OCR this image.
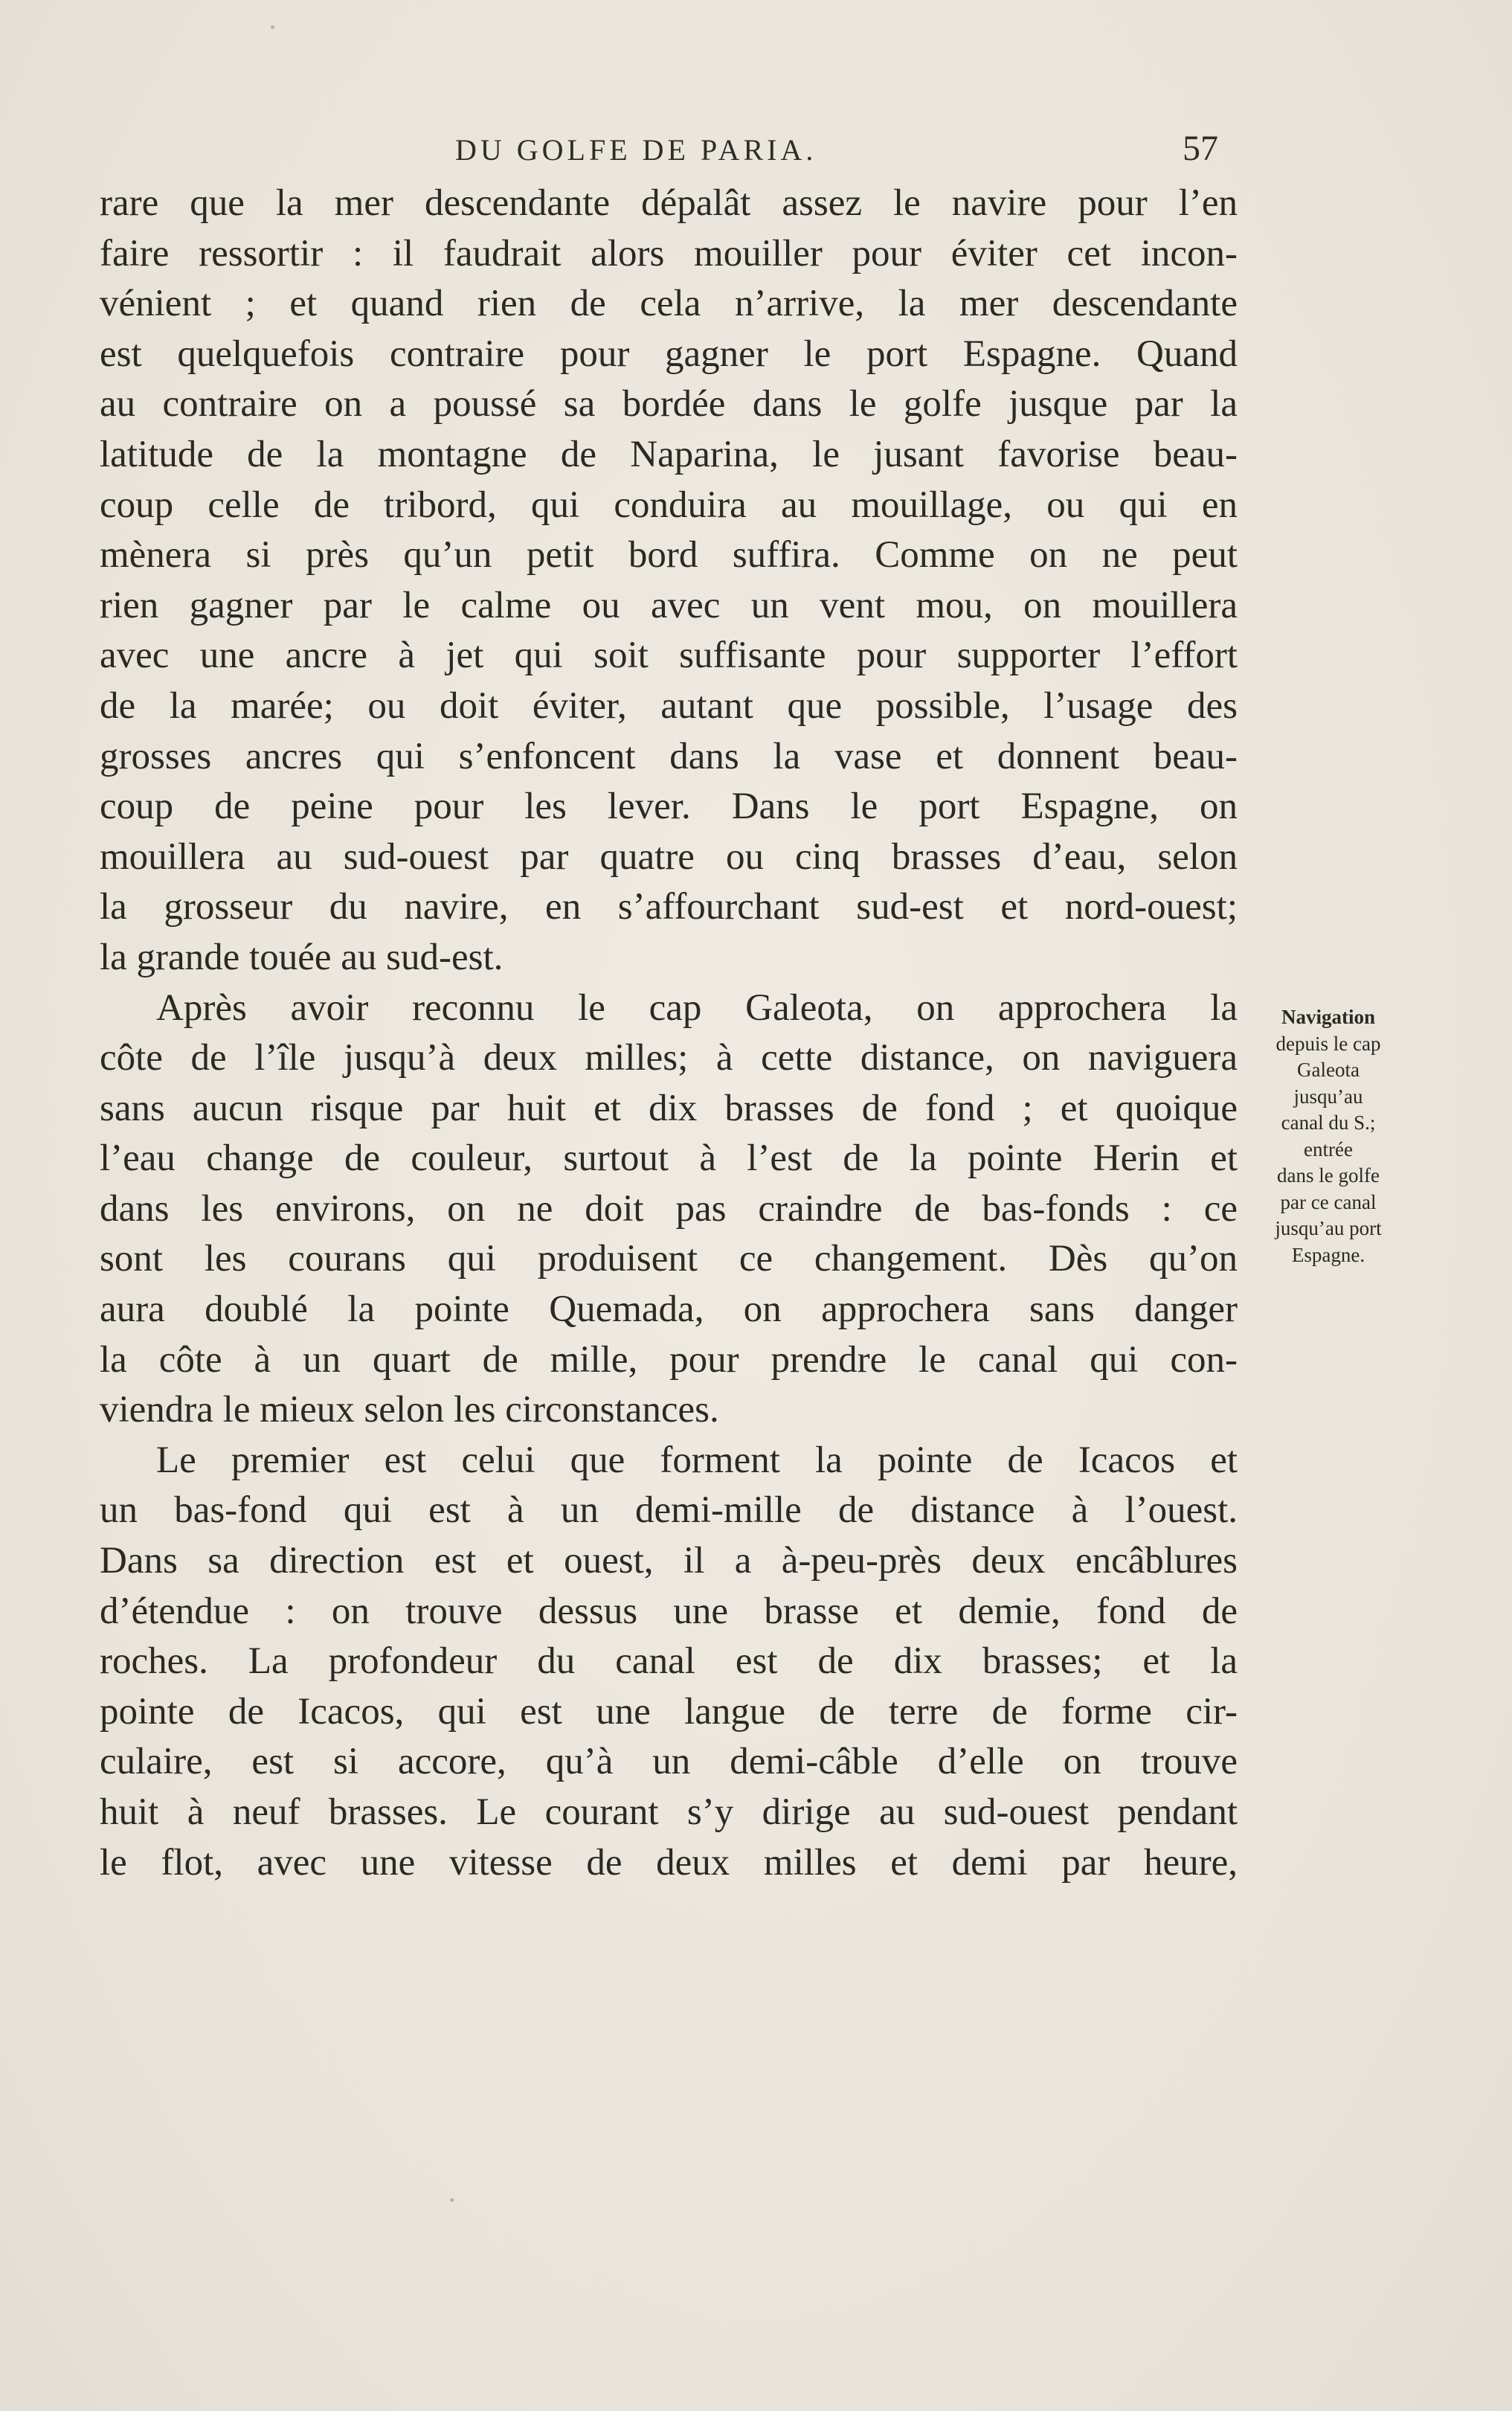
DU GOLFE DE PARIA.	57
rare que la mer descendante dépalât assez le navire pour l’en
faire ressortir : il faudrait alors mouiller pour éviter cet incon-
vénient ; et quand rien de cela n’arrive, la mer descendante
est quelquefois contraire pour gagner le port Espagne. Quand
au contraire on a poussé sa bordée dans le golfe jusque par la
latitude de la montagne de Naparina, le jusant favorise beau-
coup celle de tribord, qui conduira au mouillage, ou qui en
mènera si près qu’un petit bord suffira. Comme on ne peut
rien gagner par le calme ou avec un vent mou, on mouillera
avec une ancre à jet qui soit suffisante pour supporter l’effort
de la marée; ou doit éviter, autant que possible, l’usage des
grosses ancres qui s’enfoncent dans la vase et donnent beau-
coup de peine pour les lever. Dans le port Espagne, on
mouillera au sud-ouest par quatre ou cinq brasses d’eau, selon
la grosseur du navire, en s’affourchant sud-est et nord-ouest;
la grande touée au sud-est.
Après avoir reconnu le cap Galeota, on approchera la
côte de l’île jusqu’à deux milles; à cette distance, on naviguera
sans aucun risque par huit et dix brasses de fond ; et quoique
l’eau change de couleur, surtout à l’est de la pointe Herin et
dans les environs, on ne doit pas craindre de bas-fonds : ce
sont les courans qui produisent ce changement. Dès qu’on
aura doublé la pointe Quemada, on approchera sans danger
la côte à un quart de mille, pour prendre le canal qui con-
viendra le mieux selon les circonstances.
Le premier est celui que forment la pointe de Icacos et
un bas-fond qui est à un demi-mille de distance à l’ouest.
Dans sa direction est et ouest, il a à-peu-près deux encâblures
d’étendue : on trouve dessus une brasse et demie, fond de
roches. La profondeur du canal est de dix brasses; et la
pointe de Icacos, qui est une langue de terre de forme cir-
culaire, est si accore, qu’à un demi-câble d’elle on trouve
huit à neuf brasses. Le courant s’y dirige au sud-ouest pendant
le flot, avec une vitesse de deux milles et demi par heure,
Navigation
depuis le cap
Galeota
jusqu’au
canal du S.;
entrée
dans le golfe
par ce canal
jusqu’au port
Espagne.
